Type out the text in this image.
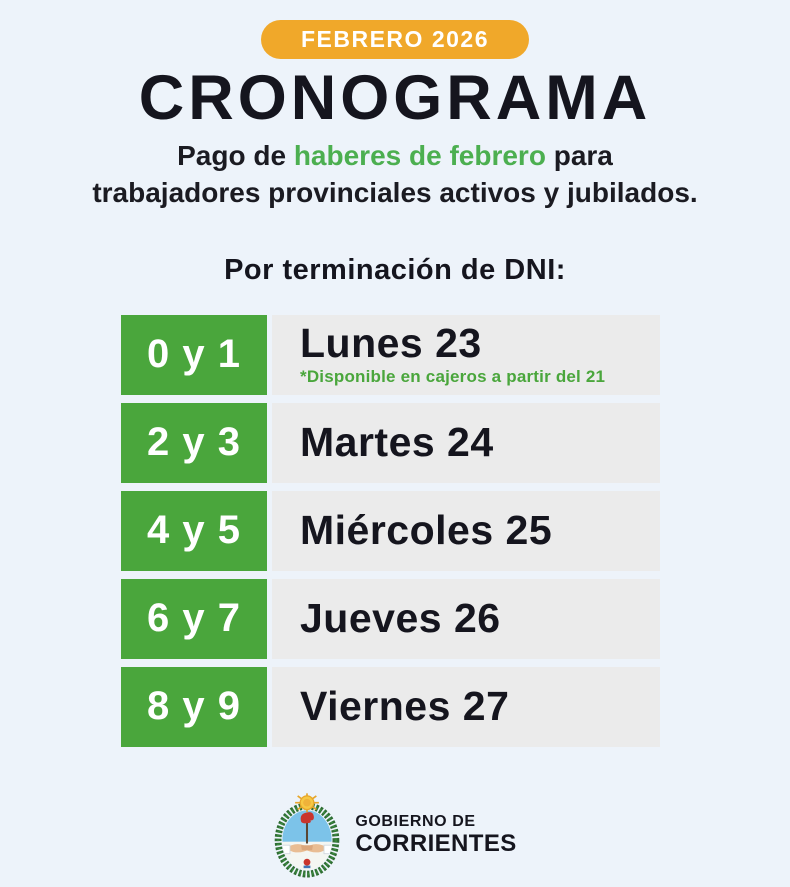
FEBRERO 2026
CRONOGRAMA

Pago de haberes de febrero para
trabajadores provinciales activos y jubilados.

Por terminación de DNI:
0 y 1	Lunes 23
*Disponible en cajeros a partir del 21
2 y 3	Martes 24
4 y 5	Miércoles 25
6 y 7	Jueves 26
8 y 9	Viernes 27
GOBIERNO DE
CORRIENTES
